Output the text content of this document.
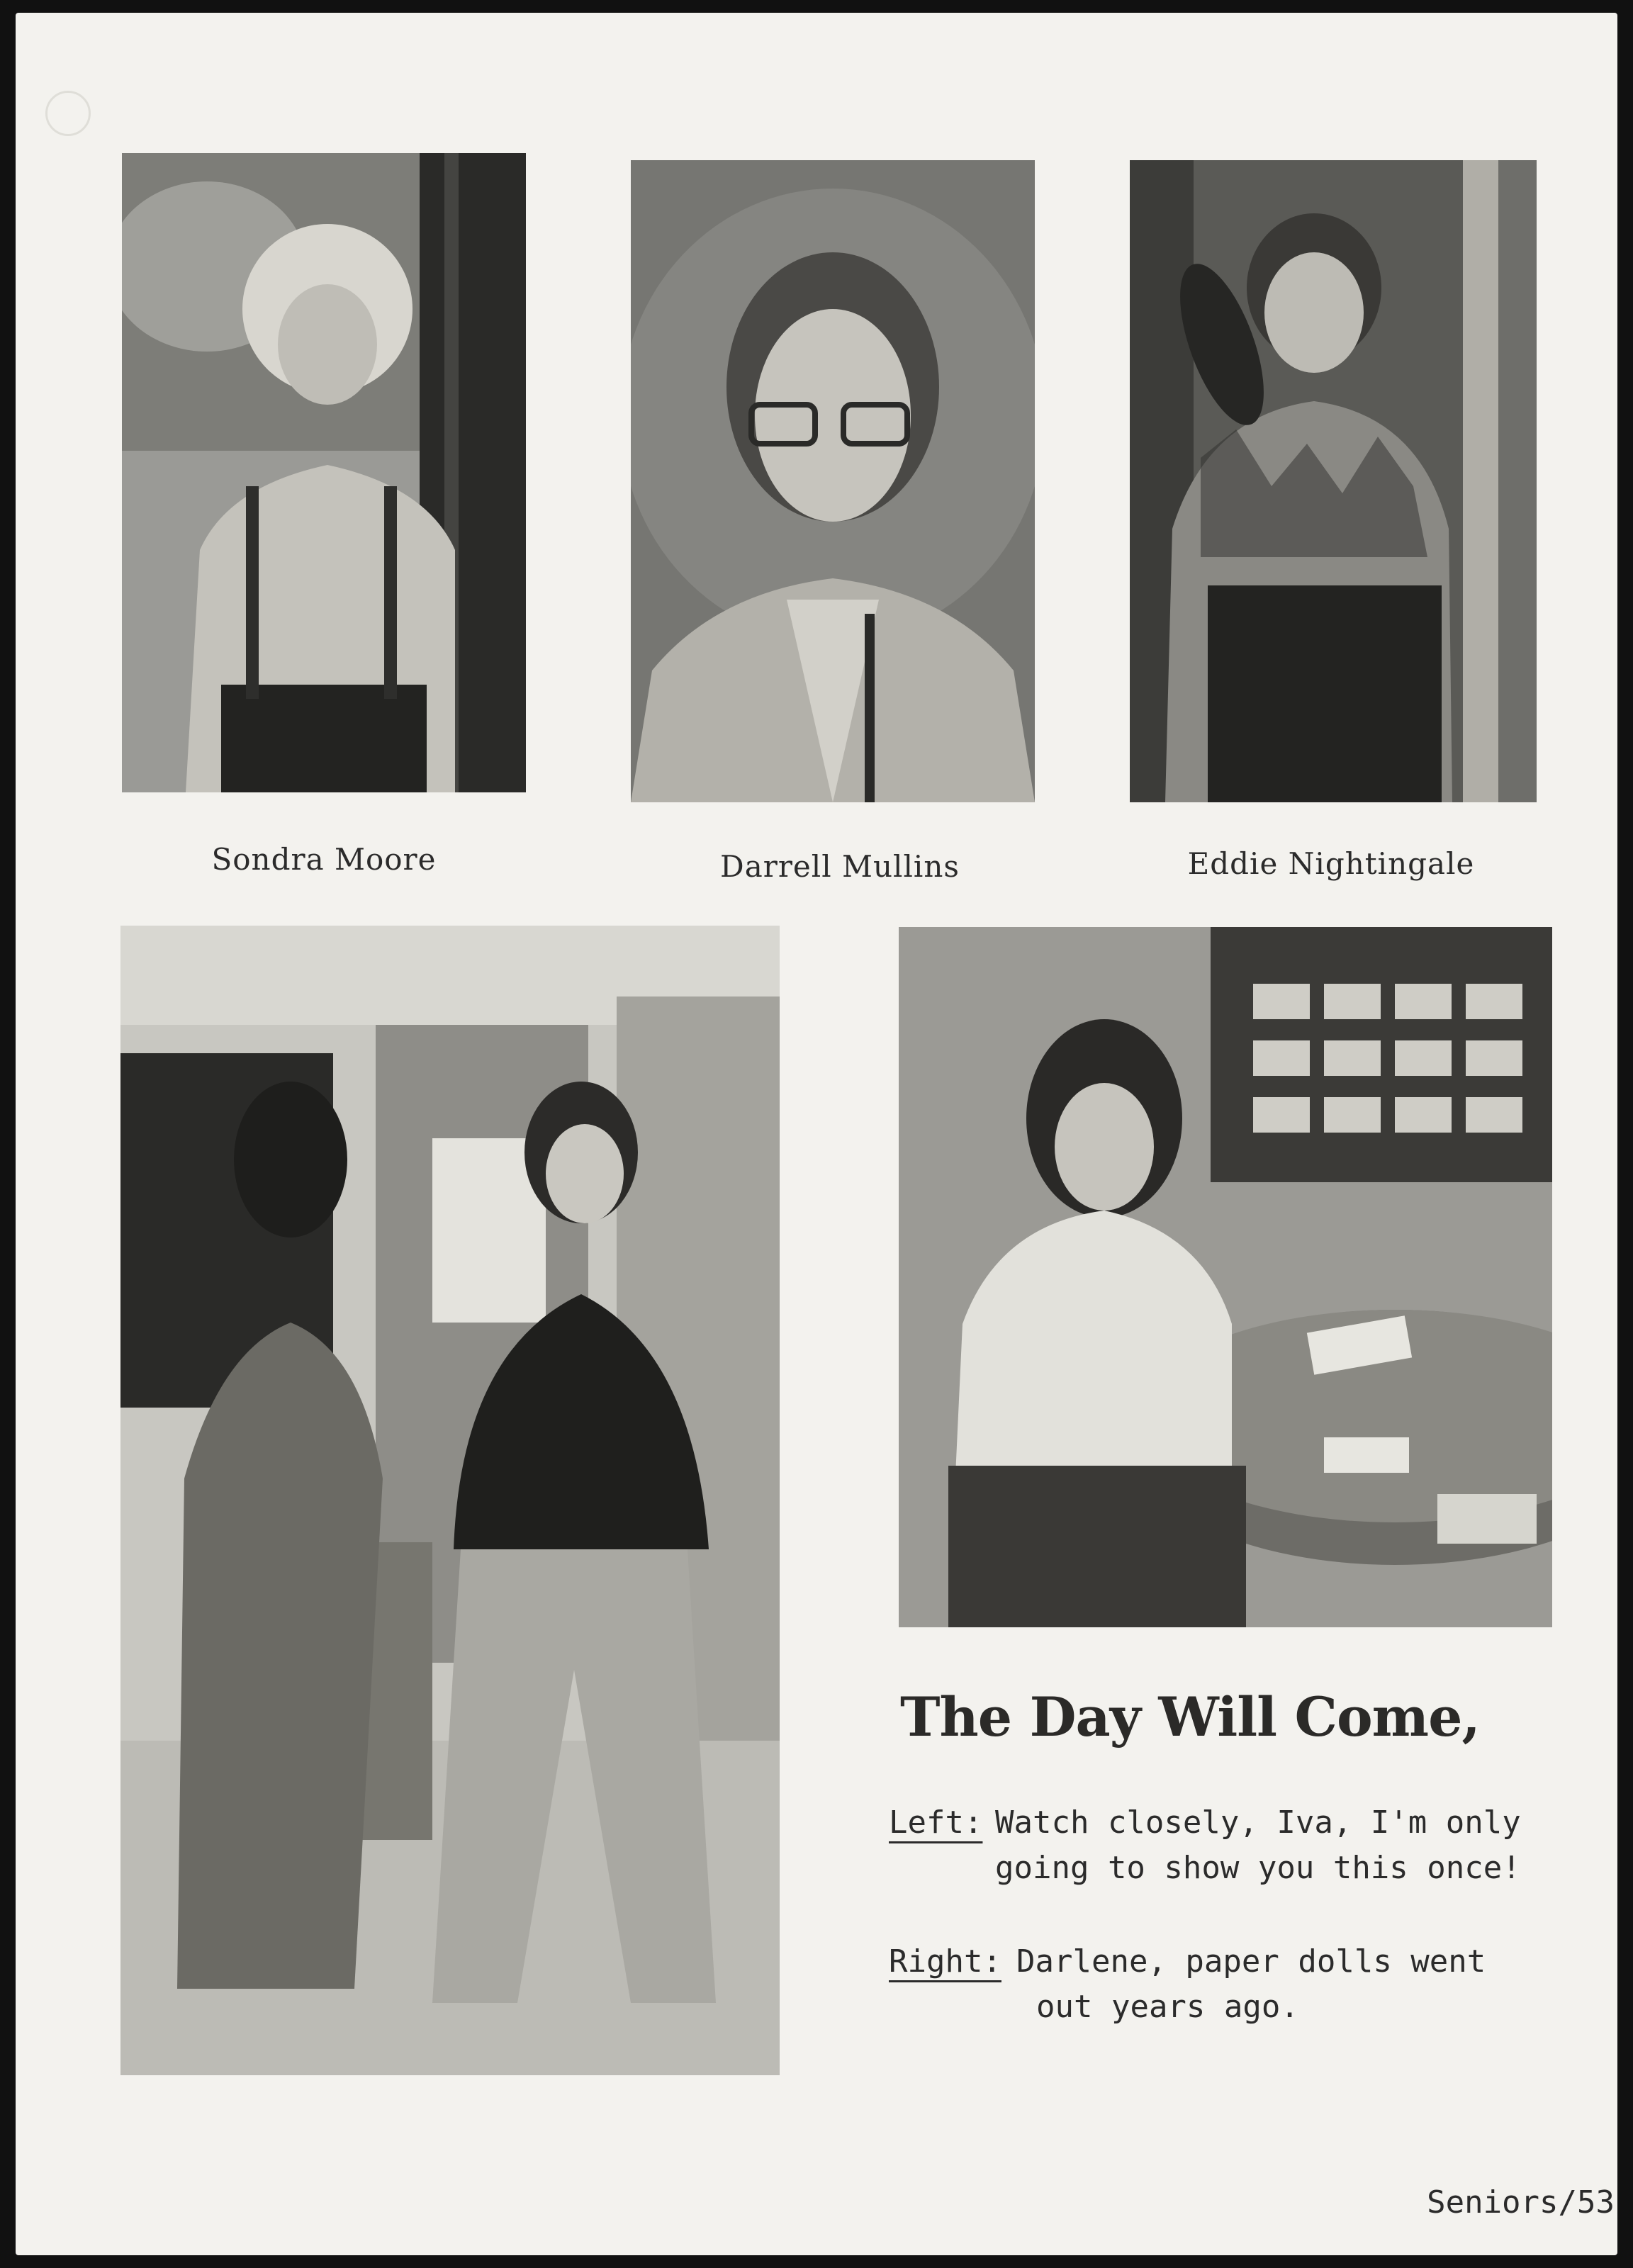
Sondra Moore	Darrell Mullins	Eddie Nightingale
The Day Will Come,
Left: Watch closely, Iva, I'm only
going to show you this once!
Right: Darlene, paper dolls went
out years ago.
Seniors/53
